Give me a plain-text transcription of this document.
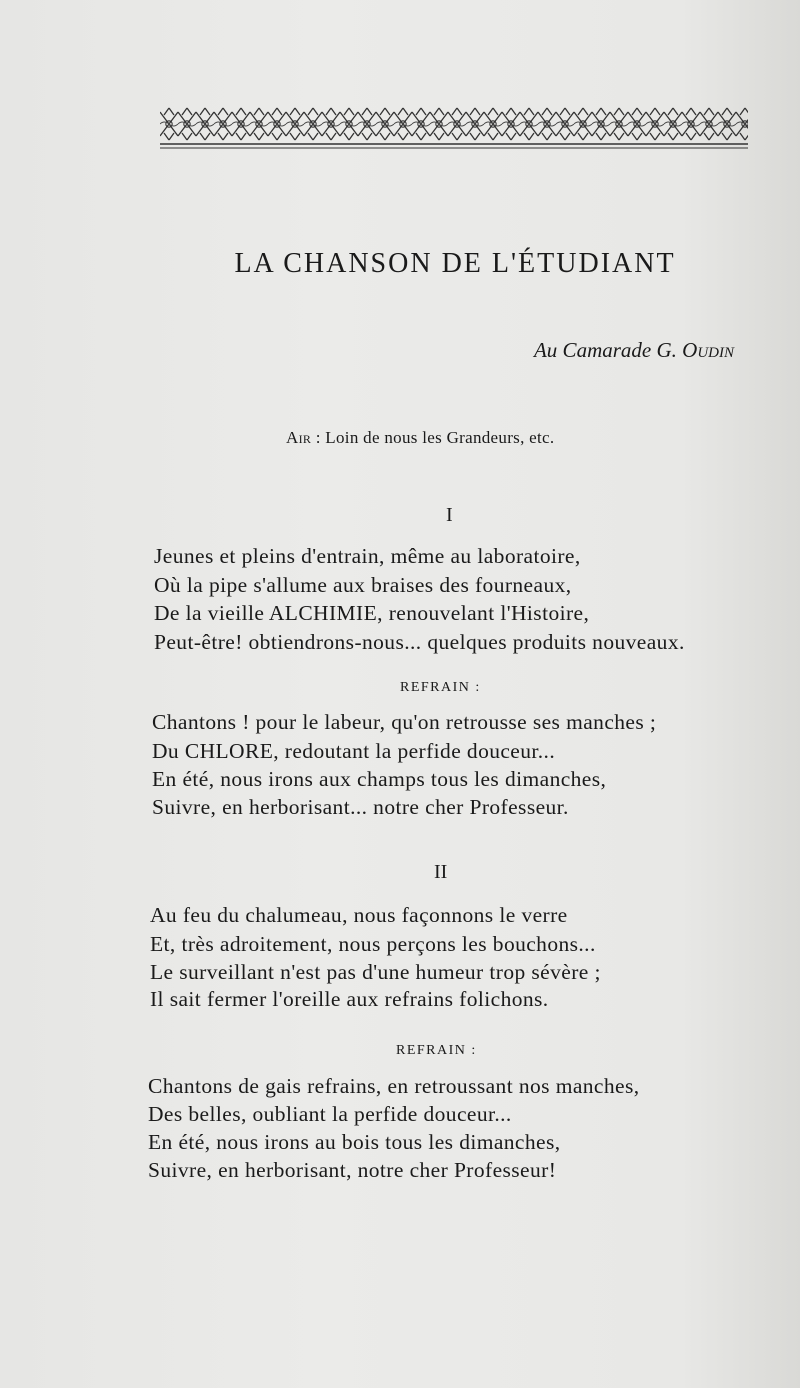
LA CHANSON DE L'ÉTUDIANT
Au Camarade G. Oudin
Air : Loin de nous les Grandeurs, etc.
I
Jeunes et pleins d'entrain, même au laboratoire,
Où la pipe s'allume aux braises des fourneaux,
De la vieille ALCHIMIE, renouvelant l'Histoire,
Peut-être! obtiendrons-nous... quelques produits nouveaux.
REFRAIN :
Chantons ! pour le labeur, qu'on retrousse ses manches ;
Du CHLORE, redoutant la perfide douceur...
En été, nous irons aux champs tous les dimanches,
Suivre, en herborisant... notre cher Professeur.
II
Au feu du chalumeau, nous façonnons le verre
Et, très adroitement, nous perçons les bouchons...
Le surveillant n'est pas d'une humeur trop sévère ;
Il sait fermer l'oreille aux refrains folichons.
REFRAIN :
Chantons de gais refrains, en retroussant nos manches,
Des belles, oubliant la perfide douceur...
En été, nous irons au bois tous les dimanches,
Suivre, en herborisant, notre cher Professeur!
